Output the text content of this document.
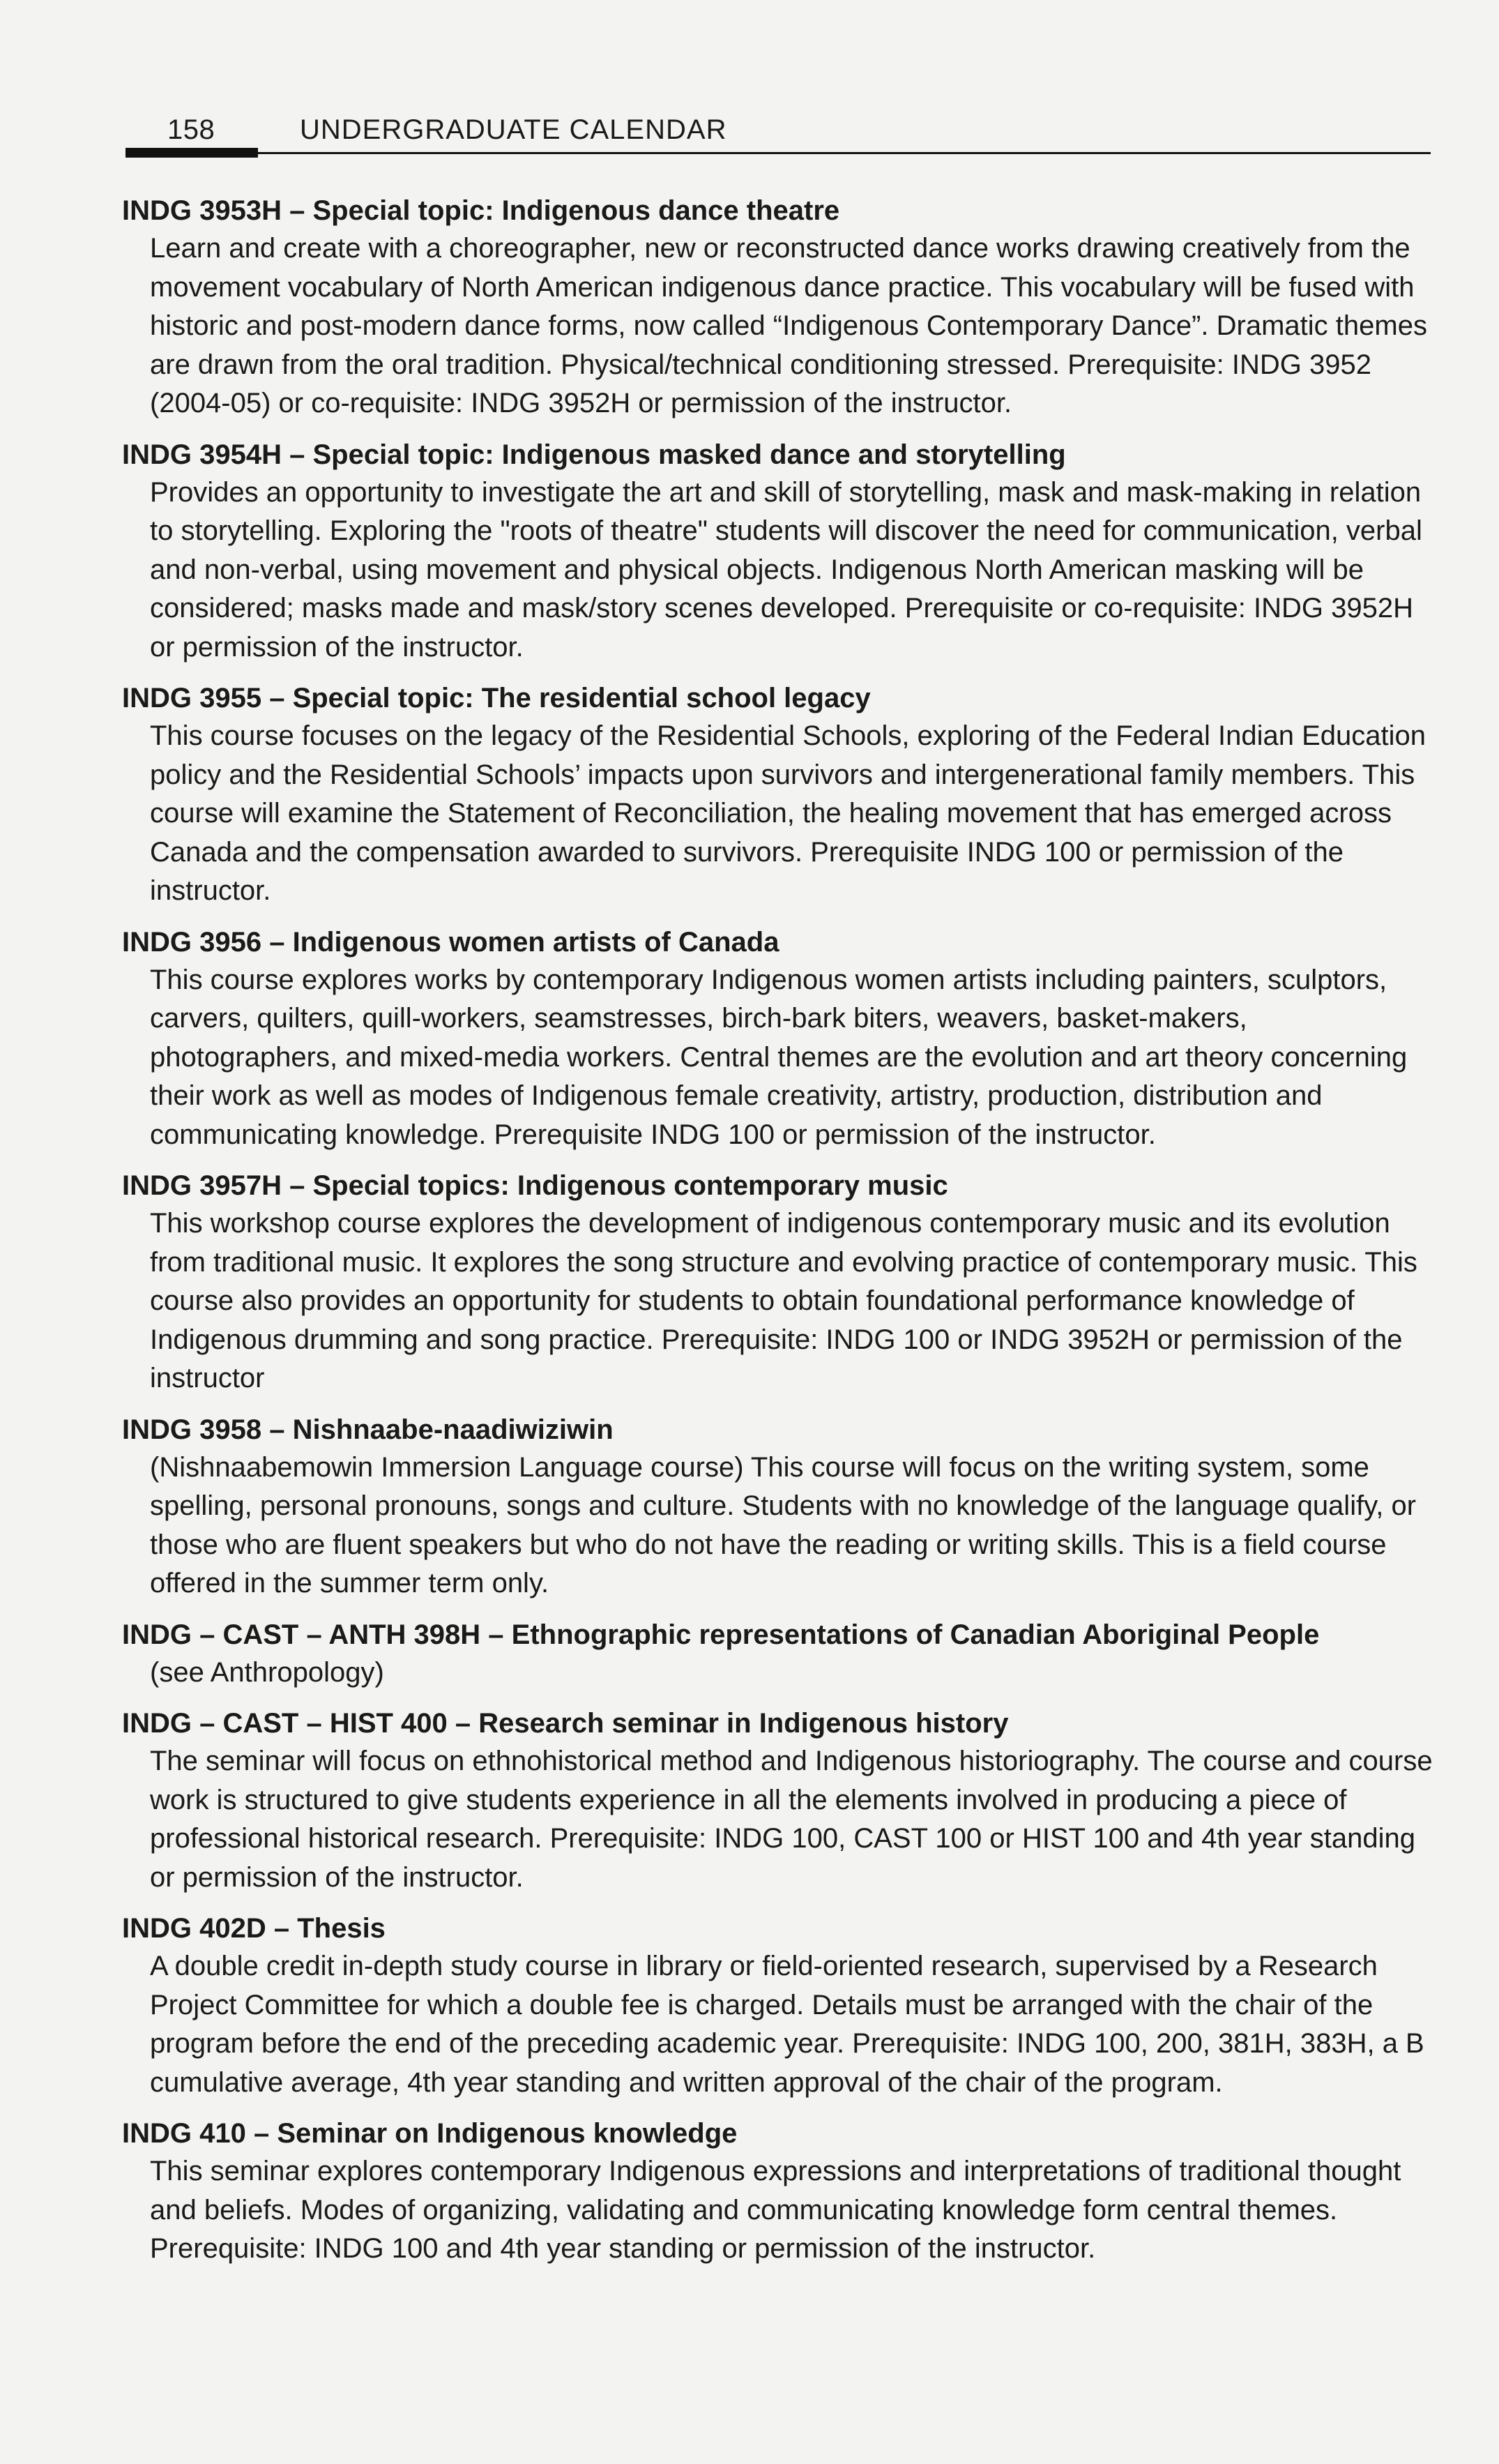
158	UNDERGRADUATE CALENDAR

INDG 3953H – Special topic: Indigenous dance theatre

Learn and create with a choreographer, new or reconstructed dance works drawing creatively from the movement vocabulary of North American indigenous dance practice. This vocabulary will be fused with historic and post-modern dance forms, now called “Indigenous Contemporary Dance”. Dramatic themes are drawn from the oral tradition. Physical/technical conditioning stressed. Prerequisite: INDG 3952 (2004-05) or co-requisite: INDG 3952H or permission of the instructor.

INDG 3954H – Special topic: Indigenous masked dance and storytelling

Provides an opportunity to investigate the art and skill of storytelling, mask and mask-making in relation to storytelling. Exploring the "roots of theatre" students will discover the need for communication, verbal and non-verbal, using movement and physical objects. Indigenous North American masking will be considered; masks made and mask/story scenes developed. Prerequisite or co-requisite: INDG 3952H or permission of the instructor.

INDG 3955 – Special topic: The residential school legacy

This course focuses on the legacy of the Residential Schools, exploring of the Federal Indian Education policy and the Residential Schools’ impacts upon survivors and intergenerational family members. This course will examine the Statement of Reconciliation, the healing movement that has emerged across Canada and the compensation awarded to survivors. Prerequisite INDG 100 or permission of the instructor.

INDG 3956 – Indigenous women artists of Canada

This course explores works by contemporary Indigenous women artists including painters, sculptors, carvers, quilters, quill-workers, seamstresses, birch-bark biters, weavers, basket-makers, photographers, and mixed-media workers. Central themes are the evolution and art theory concerning their work as well as modes of Indigenous female creativity, artistry, production, distribution and communicating knowledge. Prerequisite INDG 100 or permission of the instructor.

INDG 3957H – Special topics: Indigenous contemporary music

This workshop course explores the development of indigenous contemporary music and its evolution from traditional music. It explores the song structure and evolving practice of contemporary music. This course also provides an opportunity for students to obtain foundational performance knowledge of Indigenous drumming and song practice. Prerequisite: INDG 100 or INDG 3952H or permission of the instructor

INDG 3958 – Nishnaabe-naadiwiziwin

(Nishnaabemowin Immersion Language course) This course will focus on the writing system, some spelling, personal pronouns, songs and culture. Students with no knowledge of the language qualify, or those who are fluent speakers but who do not have the reading or writing skills. This is a field course offered in the summer term only.

INDG – CAST – ANTH 398H – Ethnographic representations of Canadian Aboriginal People

(see Anthropology)

INDG – CAST – HIST 400 – Research seminar in Indigenous history

The seminar will focus on ethnohistorical method and Indigenous historiography. The course and course work is structured to give students experience in all the elements involved in producing a piece of professional historical research. Prerequisite: INDG 100, CAST 100 or HIST 100 and 4th year standing or permission of the instructor.

INDG 402D – Thesis

A double credit in-depth study course in library or field-oriented research, supervised by a Research Project Committee for which a double fee is charged. Details must be arranged with the chair of the program before the end of the preceding academic year. Prerequisite: INDG 100, 200, 381H, 383H, a B cumulative average, 4th year standing and written approval of the chair of the program.

INDG 410 – Seminar on Indigenous knowledge

This seminar explores contemporary Indigenous expressions and interpretations of traditional thought and beliefs. Modes of organizing, validating and communicating knowledge form central themes. Prerequisite: INDG 100 and 4th year standing or permission of the instructor.
